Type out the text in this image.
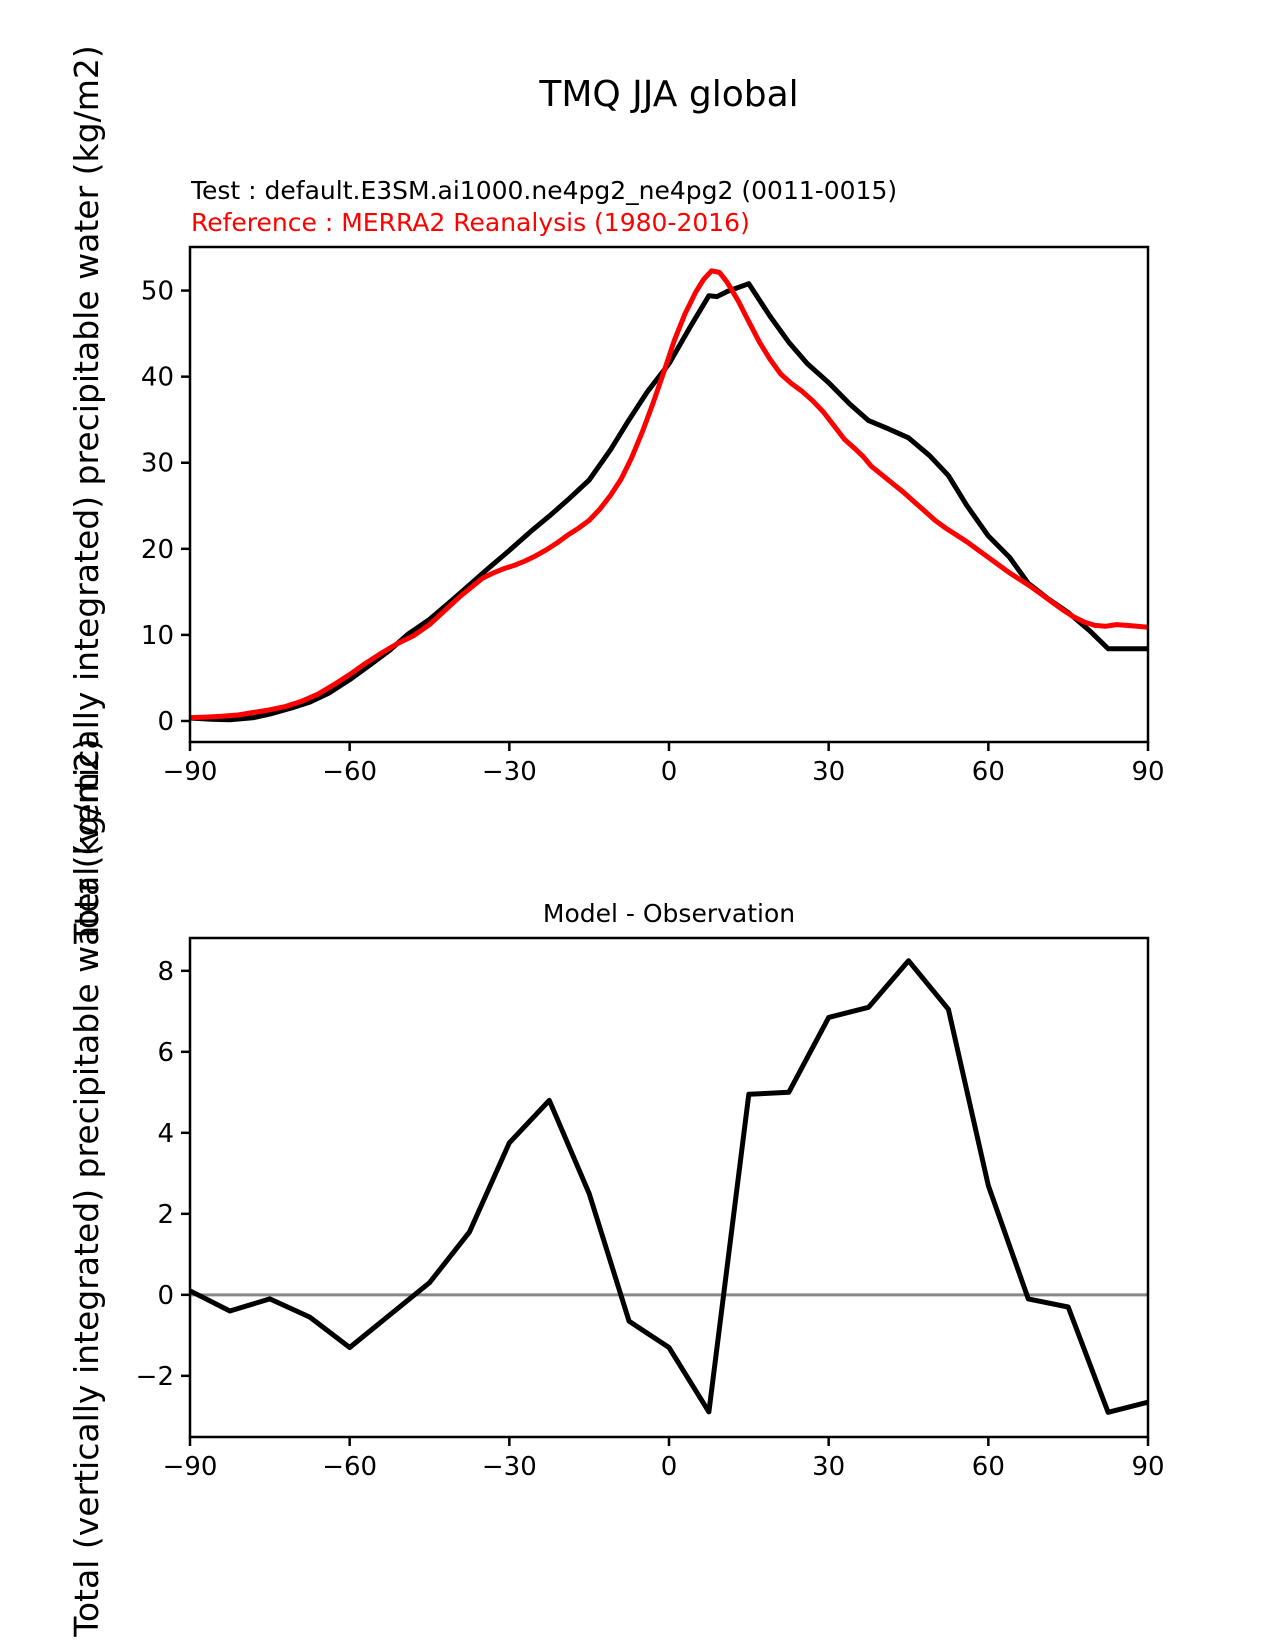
−90	−60	−30	0	30	60	90
0
10
20
30
40
50
Total (vertically integrated) precipitable water (kg/m2)
−90	−60	−30	0	30	60	90
−2
0
2
4
6
8
Model - Observation
Total (vertically integrated) precipitable water (kg/m2)
TMQ JJA global
Test : default.E3SM.ai1000.ne4pg2_ne4pg2 (0011-0015)
Reference : MERRA2 Reanalysis (1980-2016)
